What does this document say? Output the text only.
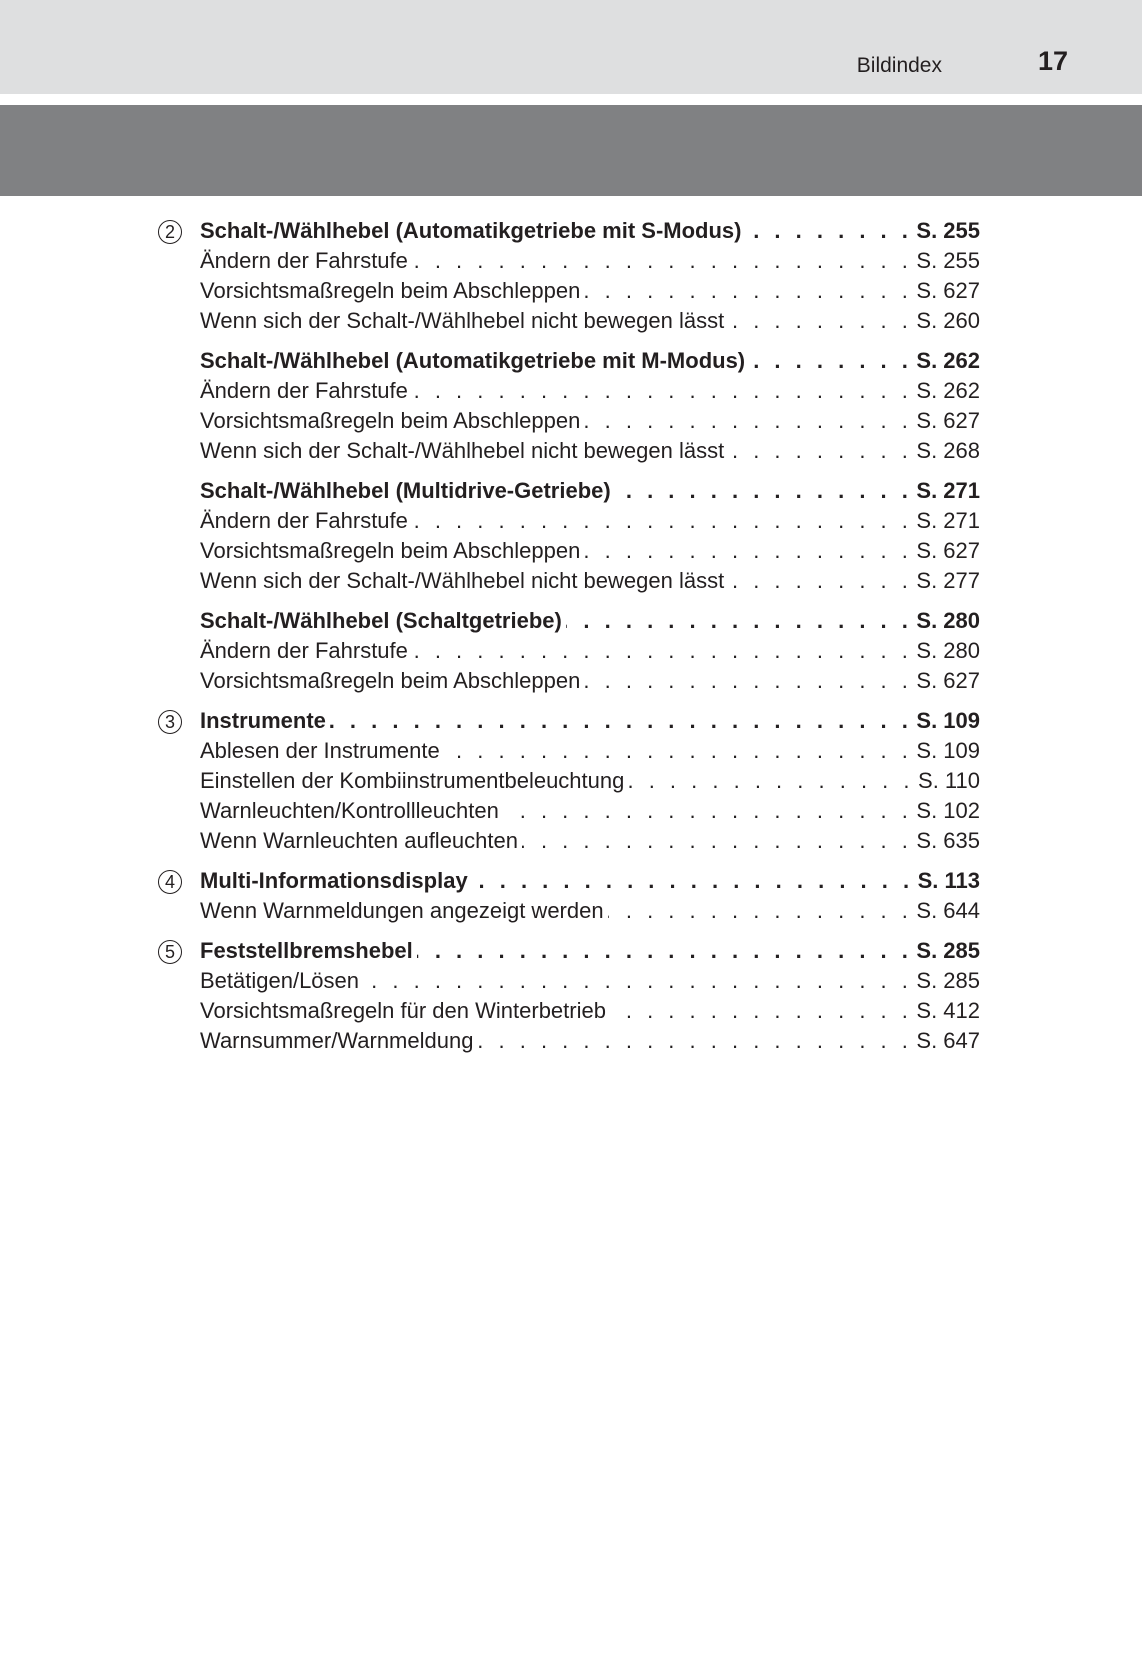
Bildindex	17
2	Schalt-/Wählhebel (Automatikgetriebe mit S-Modus) . . .	S. 255
Ändern der Fahrstufe . . .	S. 255
Vorsichtsmaßregeln beim Abschleppen . . .	S. 627
Wenn sich der Schalt-/Wählhebel nicht bewegen lässt . . .	S. 260
Schalt-/Wählhebel (Automatikgetriebe mit M-Modus) . . .	S. 262
Ändern der Fahrstufe . . .	S. 262
Vorsichtsmaßregeln beim Abschleppen . . .	S. 627
Wenn sich der Schalt-/Wählhebel nicht bewegen lässt . . .	S. 268
Schalt-/Wählhebel (Multidrive-Getriebe) . . .	S. 271
Ändern der Fahrstufe . . .	S. 271
Vorsichtsmaßregeln beim Abschleppen . . .	S. 627
Wenn sich der Schalt-/Wählhebel nicht bewegen lässt . . .	S. 277
Schalt-/Wählhebel (Schaltgetriebe) . . .	S. 280
Ändern der Fahrstufe . . .	S. 280
Vorsichtsmaßregeln beim Abschleppen . . .	S. 627
3	Instrumente . . .	S. 109
Ablesen der Instrumente . . .	S. 109
Einstellen der Kombiinstrumentbeleuchtung . . .	S. 110
Warnleuchten/Kontrollleuchten . . .	S. 102
Wenn Warnleuchten aufleuchten . . .	S. 635
4	Multi-Informationsdisplay . . .	S. 113
Wenn Warnmeldungen angezeigt werden . . .	S. 644
5	Feststellbremshebel . . .	S. 285
Betätigen/Lösen . . .	S. 285
Vorsichtsmaßregeln für den Winterbetrieb . . .	S. 412
Warnsummer/Warnmeldung . . .	S. 647
